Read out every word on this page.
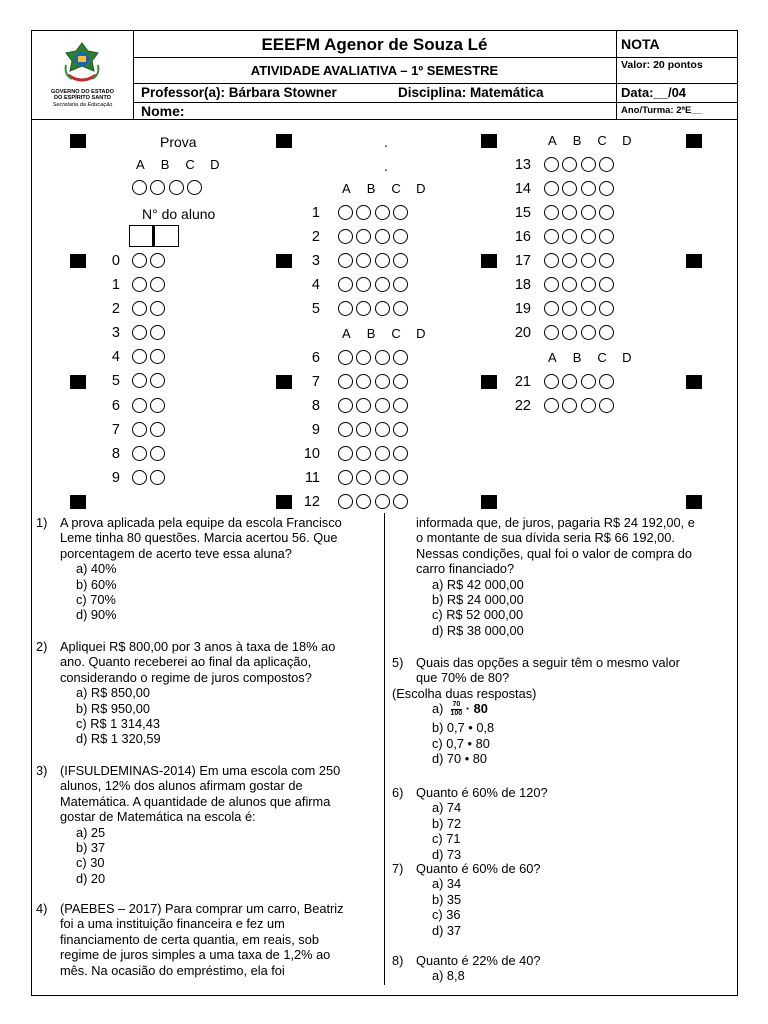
GOVERNO DO ESTADO
DO ESPÍRITO SANTO
Secretaria da Educação
EEEFM Agenor de Souza Lé
ATIVIDADE AVALIATIVA – 1º SEMESTRE
Professor(a): Bárbara Stowner	Disciplina: Matemática
Nome:
NOTA
Valor: 20 pontos
Data:__/04
Ano/Turma: 2ªE__
Prova
A B C D
N° do aluno
0
1
2
3
4
5
6
7
8
9
.
.
A B C D
1
2
3
4
5
A B C D
6
7
8
9
10
11
12
A B C D
13
14
15
16
17
18
19
20
A B C D
21
22
1) A prova aplicada pela equipe da escola Francisco
Leme tinha 80 questões. Marcia acertou 56. Que
porcentagem de acerto teve essa aluna?
a) 40%
b) 60%
c) 70%
d) 90%
2) Apliquei R$ 800,00 por 3 anos à taxa de 18% ao
ano. Quanto receberei ao final da aplicação,
considerando o regime de juros compostos?
a) R$ 850,00
b) R$ 950,00
c) R$ 1 314,43
d) R$ 1 320,59
3) (IFSULDEMINAS-2014) Em uma escola com 250
alunos, 12% dos alunos afirmam gostar de
Matemática. A quantidade de alunos que afirma
gostar de Matemática na escola é:
a) 25
b) 37
c) 30
d) 20
4) (PAEBES – 2017) Para comprar um carro, Beatriz
foi a uma instituição financeira e fez um
financiamento de certa quantia, em reais, sob
regime de juros simples a uma taxa de 1,2% ao
mês. Na ocasião do empréstimo, ela foi
informada que, de juros, pagaria R$ 24 192,00, e
o montante de sua dívida seria R$ 66 192,00.
Nessas condições, qual foi o valor de compra do
carro financiado?
a) R$ 42 000,00
b) R$ 24 000,00
c) R$ 52 000,00
d) R$ 38 000,00
5) Quais das opções a seguir têm o mesmo valor
que 70% de 80?
(Escolha duas respostas)
$a) \frac{70}{100} \cdot 80$
b) 0,7 • 0,8
c) 0,7 • 80
d) 70 • 80
6) Quanto é 60% de 120?
a) 74
b) 72
c) 71
d) 73
7) Quanto é 60% de 60?
a) 34
b) 35
c) 36
d) 37
8) Quanto é 22% de 40?
a) 8,8
